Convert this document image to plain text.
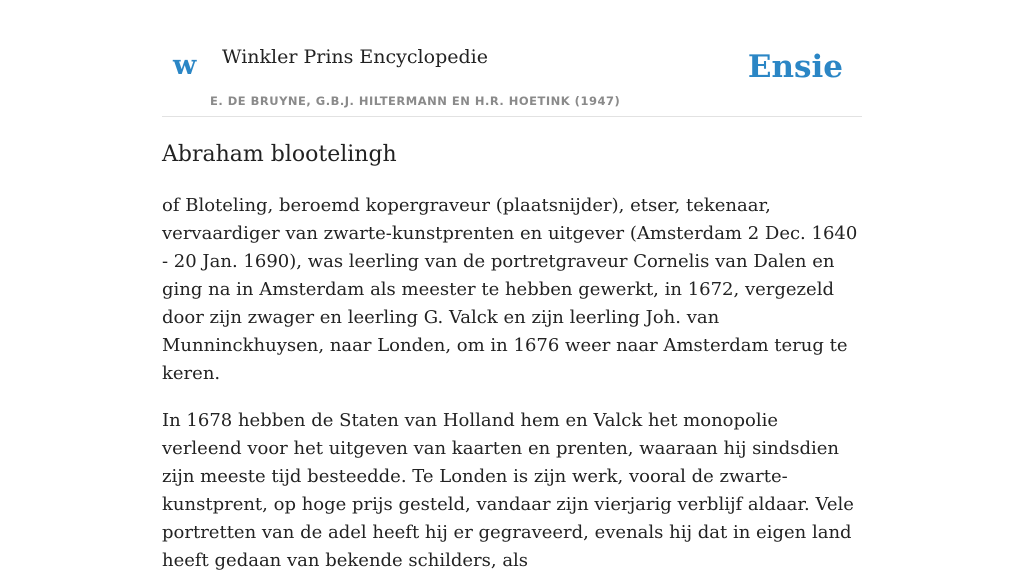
w Winkler Prins Encyclopedie
E. DE BRUYNE, G.B.J. HILTERMANN EN H.R. HOETINK (1947)
Ensie
Abraham blootelingh

of Bloteling, beroemd kopergraveur (plaatsnijder), etser, tekenaar, vervaardiger van zwarte-kunstprenten en uitgever (Amsterdam 2 Dec. 1640 - 20 Jan. 1690), was leerling van de portretgraveur Cornelis van Dalen en ging na in Amsterdam als meester te hebben gewerkt, in 1672, vergezeld door zijn zwager en leerling G. Valck en zijn leerling Joh. van Munninckhuysen, naar Londen, om in 1676 weer naar Amsterdam terug te keren.

In 1678 hebben de Staten van Holland hem en Valck het monopolie verleend voor het uitgeven van kaarten en prenten, waaraan hij sindsdien zijn meeste tijd besteedde. Te Londen is zijn werk, vooral de zwarte-kunstprent, op hoge prijs gesteld, vandaar zijn vierjarig verblijf aldaar. Vele portretten van de adel heeft hij er gegraveerd, evenals hij dat in eigen land heeft gedaan van bekende schilders, als
